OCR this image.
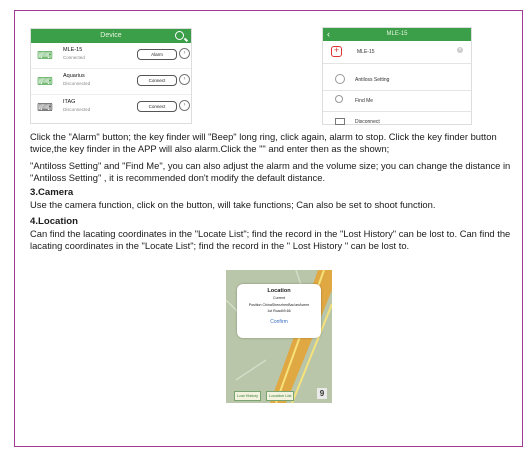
Device
⌨ MLE-15
Connected
Alarm	›
⌨ Aquarius
Disconnected
Connect	›
⌨ ITAG
Disconnected
Connect	›
‹	MLE-15
+	MLE-15	×
Antiloss Setting
Find Me
Disconnect

Click the "Alarm" button; the key finder will "Beep" long ring, click again, alarm to stop. Click the key finder button twice,the key finder in the APP will also alarm.Click the "" and enter then as the shown;

"Antiloss Setting" and "Find Me", you can also adjust the alarm and the volume size; you can change the distance in "Antiloss Setting" , it is recommended don't modify the default distance.

3.Camera

Use the camera function, click on the button, will take functions; Can also be set to shoot function.

4.Location

Can find the lacating coordinates in the "Locate List"; find the record in the "Lost History" can be lost to. Can find the lacating coordinates in the "Locate List"; find the record in the " Lost History " can be lost to.

Location
Current
Position ChinaShenzhenBao'anAvene
1st Road49.66
Confirm
Lost History	Location List	9
